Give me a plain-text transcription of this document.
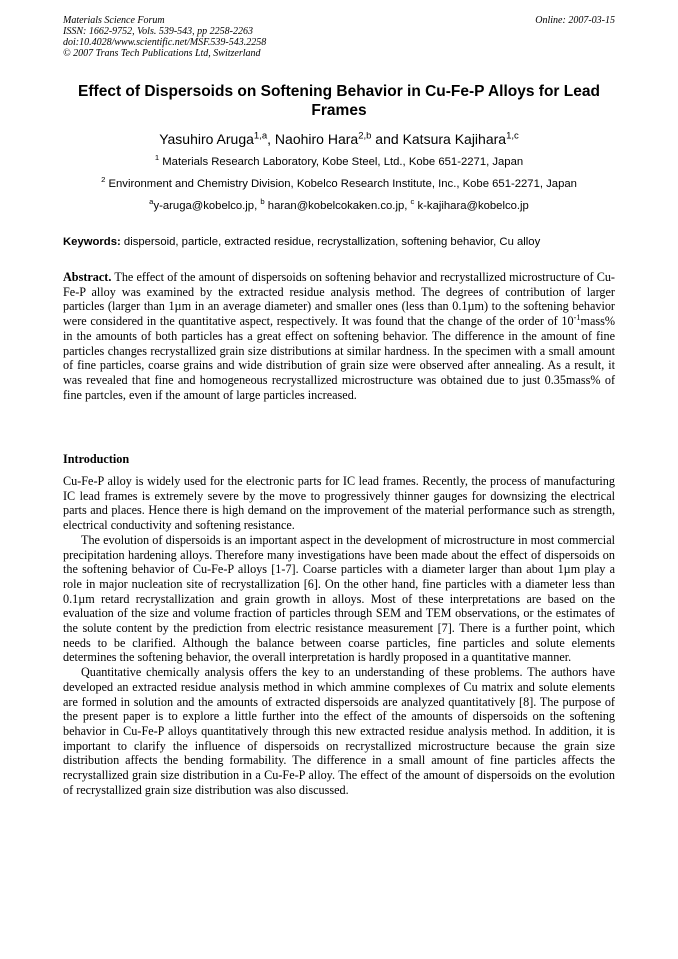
Materials Science Forum
ISSN: 1662-9752, Vols. 539-543, pp 2258-2263
doi:10.4028/www.scientific.net/MSF.539-543.2258
© 2007 Trans Tech Publications Ltd, Switzerland
Online: 2007-03-15
Effect of Dispersoids on Softening Behavior in Cu-Fe-P Alloys for Lead Frames
Yasuhiro Aruga$^{1,a}$, Naohiro Hara$^{2,b}$ and Katsura Kajihara$^{1,c}$
$^1$ Materials Research Laboratory, Kobe Steel, Ltd., Kobe 651-2271, Japan
$^2$ Environment and Chemistry Division, Kobelco Research Institute, Inc., Kobe 651-2271, Japan
$^a$y-aruga@kobelco.jp, $^b$ haran@kobelcokaken.co.jp, $^c$ k-kajihara@kobelco.jp
Keywords: dispersoid, particle, extracted residue, recrystallization, softening behavior, Cu alloy

Abstract. The effect of the amount of dispersoids on softening behavior and recrystallized microstructure of Cu-Fe-P alloy was examined by the extracted residue analysis method. The degrees of contribution of larger particles (larger than 1µm in an average diameter) and smaller ones (less than 0.1µm) to the softening behavior were considered in the quantitative aspect, respectively. It was found that the change of the order of $10^{-1}mass\%$ in the amounts of both particles has a great effect on softening behavior. The difference in the amount of fine particles changes recrystallized grain size distributions at similar hardness. In the specimen with a small amount of fine particles, coarse grains and wide distribution of grain size were observed after annealing. As a result, it was revealed that fine and homogeneous recrystallized microstructure was obtained due to just 0.35mass% of fine partcles, even if the amount of large particles increased.

Introduction

Cu-Fe-P alloy is widely used for the electronic parts for IC lead frames. Recently, the process of manufacturing IC lead frames is extremely severe by the move to progressively thinner gauges for downsizing the electrical parts and places. Hence there is high demand on the improvement of the material performance such as strength, electrical conductivity and softening resistance.

The evolution of dispersoids is an important aspect in the development of microstructure in most commercial precipitation hardening alloys. Therefore many investigations have been made about the effect of dispersoids on the softening behavior of Cu-Fe-P alloys [1-7]. Coarse particles with a diameter larger than about 1µm play a role in major nucleation site of recrystallization [6]. On the other hand, fine particles with a diameter less than 0.1µm retard recrystallization and grain growth in alloys. Most of these interpretations are based on the evaluation of the size and volume fraction of particles through SEM and TEM observations, or the estimates of the solute content by the prediction from electric resistance measurement [7]. There is a further point, which needs to be clarified. Although the balance between coarse particles, fine particles and solute elements determines the softening behavior, the overall interpretation is hardly proposed in a quantitative manner.

Quantitative chemically analysis offers the key to an understanding of these problems. The authors have developed an extracted residue analysis method in which ammine complexes of Cu matrix and solute elements are formed in solution and the amounts of extracted dispersoids are analyzed quantitatively [8]. The purpose of the present paper is to explore a little further into the effect of the amounts of dispersoids on the softening behavior in Cu-Fe-P alloys quantitatively through this new extracted residue analysis method. In addition, it is important to clarify the influence of dispersoids on recrystallized microstructure because the grain size distribution affects the bending formability. The difference in a small amount of fine particles affects the recrystallized grain size distribution in a Cu-Fe-P alloy. The effect of the amount of dispersoids on the evolution of recrystallized grain size distribution was also discussed.
